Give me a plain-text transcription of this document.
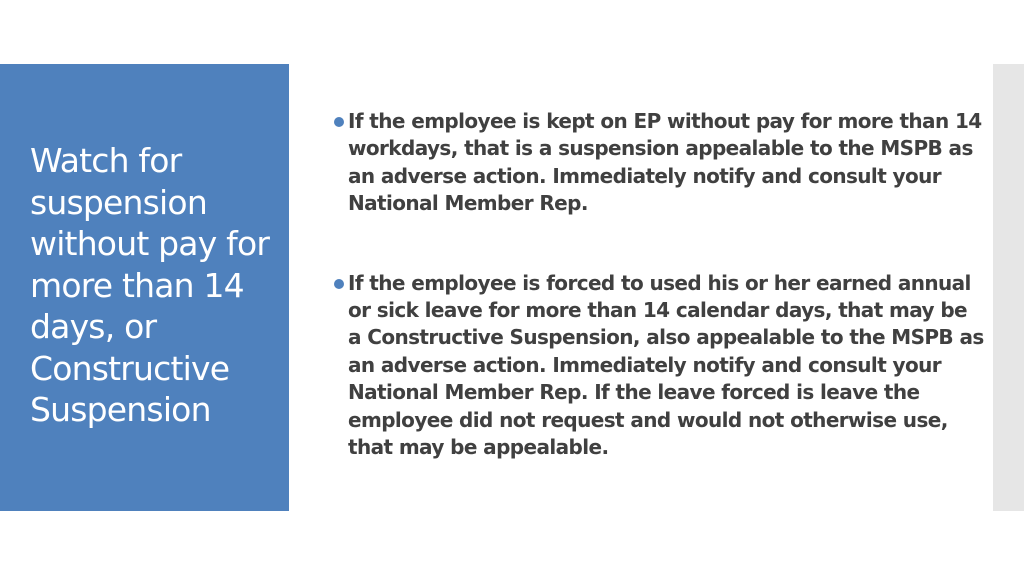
Watch for suspension without pay for more than 14 days, or Constructive Suspension
If the employee is kept on EP without pay for more than 14 workdays, that is a suspension appealable to the MSPB as an adverse action. Immediately notify and consult your National Member Rep.
If the employee is forced to used his or her earned annual or sick leave for more than 14 calendar days, that may be a Constructive Suspension, also appealable to the MSPB as an adverse action. Immediately notify and consult your National Member Rep. If the leave forced is leave the employee did not request and would not otherwise use, that may be appealable.
